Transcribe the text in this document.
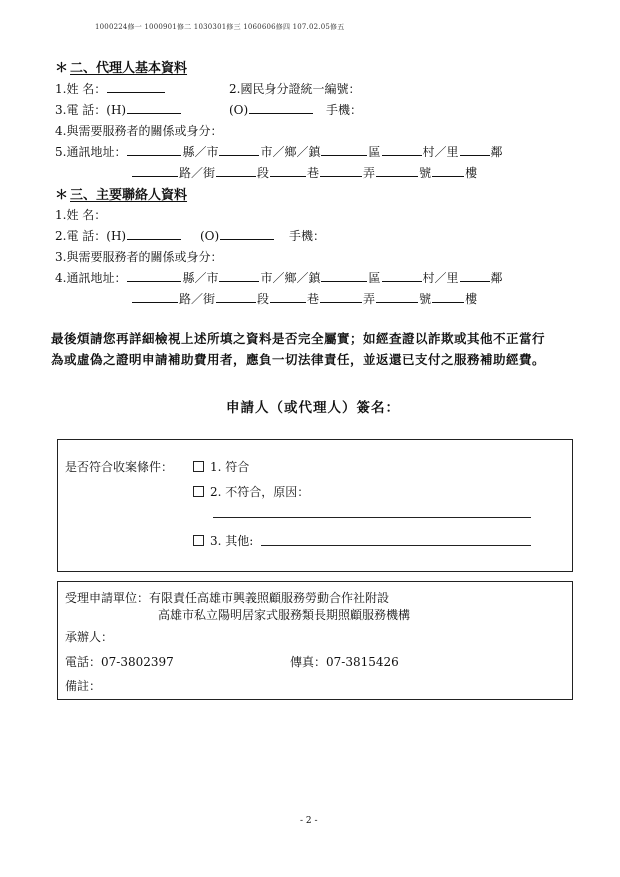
1000224修一 1000901修二 1030301修三 1060606修四 107.02.05修五
＊ 二、代理人基本資料
1.姓 名：	2.國民身分證統一編號：
3.電 話：(H)	(O)	手機：
4.與需要服務者的關係或身分：
5.通訊地址：	縣／市	市／鄉／鎮	區	村／里	鄰
路／街	段	巷	弄	號	樓
＊ 三、主要聯絡人資料
1.姓 名：
2.電 話：(H)	(O)	手機：
3.與需要服務者的關係或身分：
4.通訊地址：	縣／市	市／鄉／鎮	區	村／里	鄰
路／街	段	巷	弄	號	樓
最後煩請您再詳細檢視上述所填之資料是否完全屬實；如經查證以詐欺或其他不正當行
為或虛偽之證明申請補助費用者，應負一切法律責任，並返還已支付之服務補助經費。
申請人（或代理人）簽名：
是否符合收案條件：	1. 符合
2. 不符合，原因：
3. 其他:
受理申請單位：有限責任高雄市興義照顧服務勞動合作社附設
高雄市私立陽明居家式服務類長期照顧服務機構
承辦人：
電話：07-3802397	傳真：07-3815426
備註：
- 2 -
